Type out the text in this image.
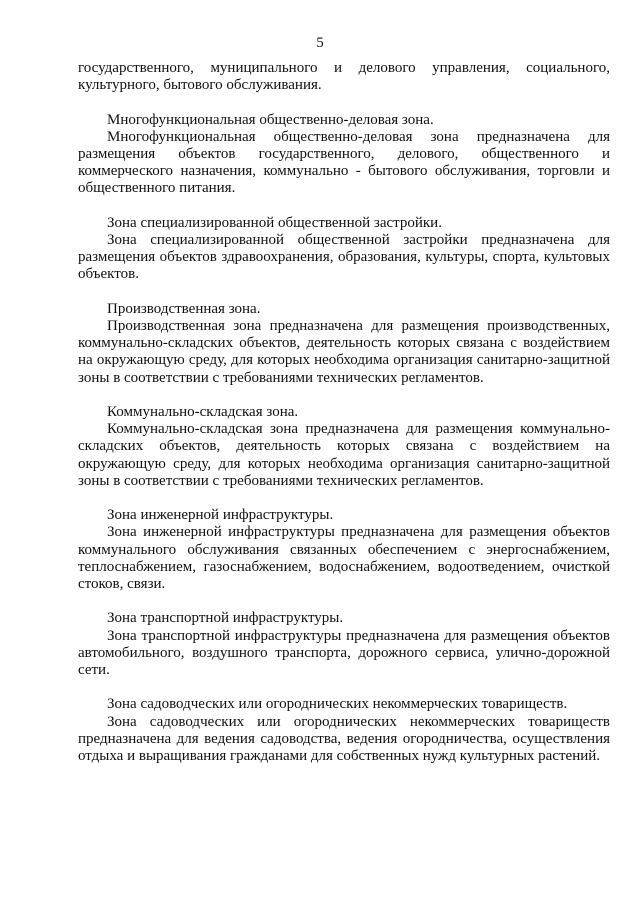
5

государственного, муниципального и делового управления, социального, культурного, бытового обслуживания.

Многофункциональная общественно-деловая зона.

Многофункциональная общественно-деловая зона предназначена для размещения объектов государственного, делового, общественного и коммерческого назначения, коммунально - бытового обслуживания, торговли и общественного питания.

Зона специализированной общественной застройки.

Зона специализированной общественной застройки предназначена для размещения объектов здравоохранения, образования, культуры, спорта, культовых объектов.

Производственная зона.

Производственная зона предназначена для размещения производственных, коммунально-складских объектов, деятельность которых связана с воздействием на окружающую среду, для которых необходима организация санитарно-защитной зоны в соответствии с требованиями технических регламентов.

Коммунально-складская зона.

Коммунально-складская зона предназначена для размещения коммунально-складских объектов, деятельность которых связана с воздействием на окружающую среду, для которых необходима организация санитарно-защитной зоны в соответствии с требованиями технических регламентов.

Зона инженерной инфраструктуры.

Зона инженерной инфраструктуры предназначена для размещения объектов коммунального обслуживания связанных обеспечением с энергоснабжением, теплоснабжением, газоснабжением, водоснабжением, водоотведением, очисткой стоков, связи.

Зона транспортной инфраструктуры.

Зона транспортной инфраструктуры предназначена для размещения объектов автомобильного, воздушного транспорта, дорожного сервиса, улично-дорожной сети.

Зона садоводческих или огороднических некоммерческих товариществ.

Зона садоводческих или огороднических некоммерческих товариществ предназначена для ведения садоводства, ведения огородничества, осуществления отдыха и выращивания гражданами для собственных нужд культурных растений.
